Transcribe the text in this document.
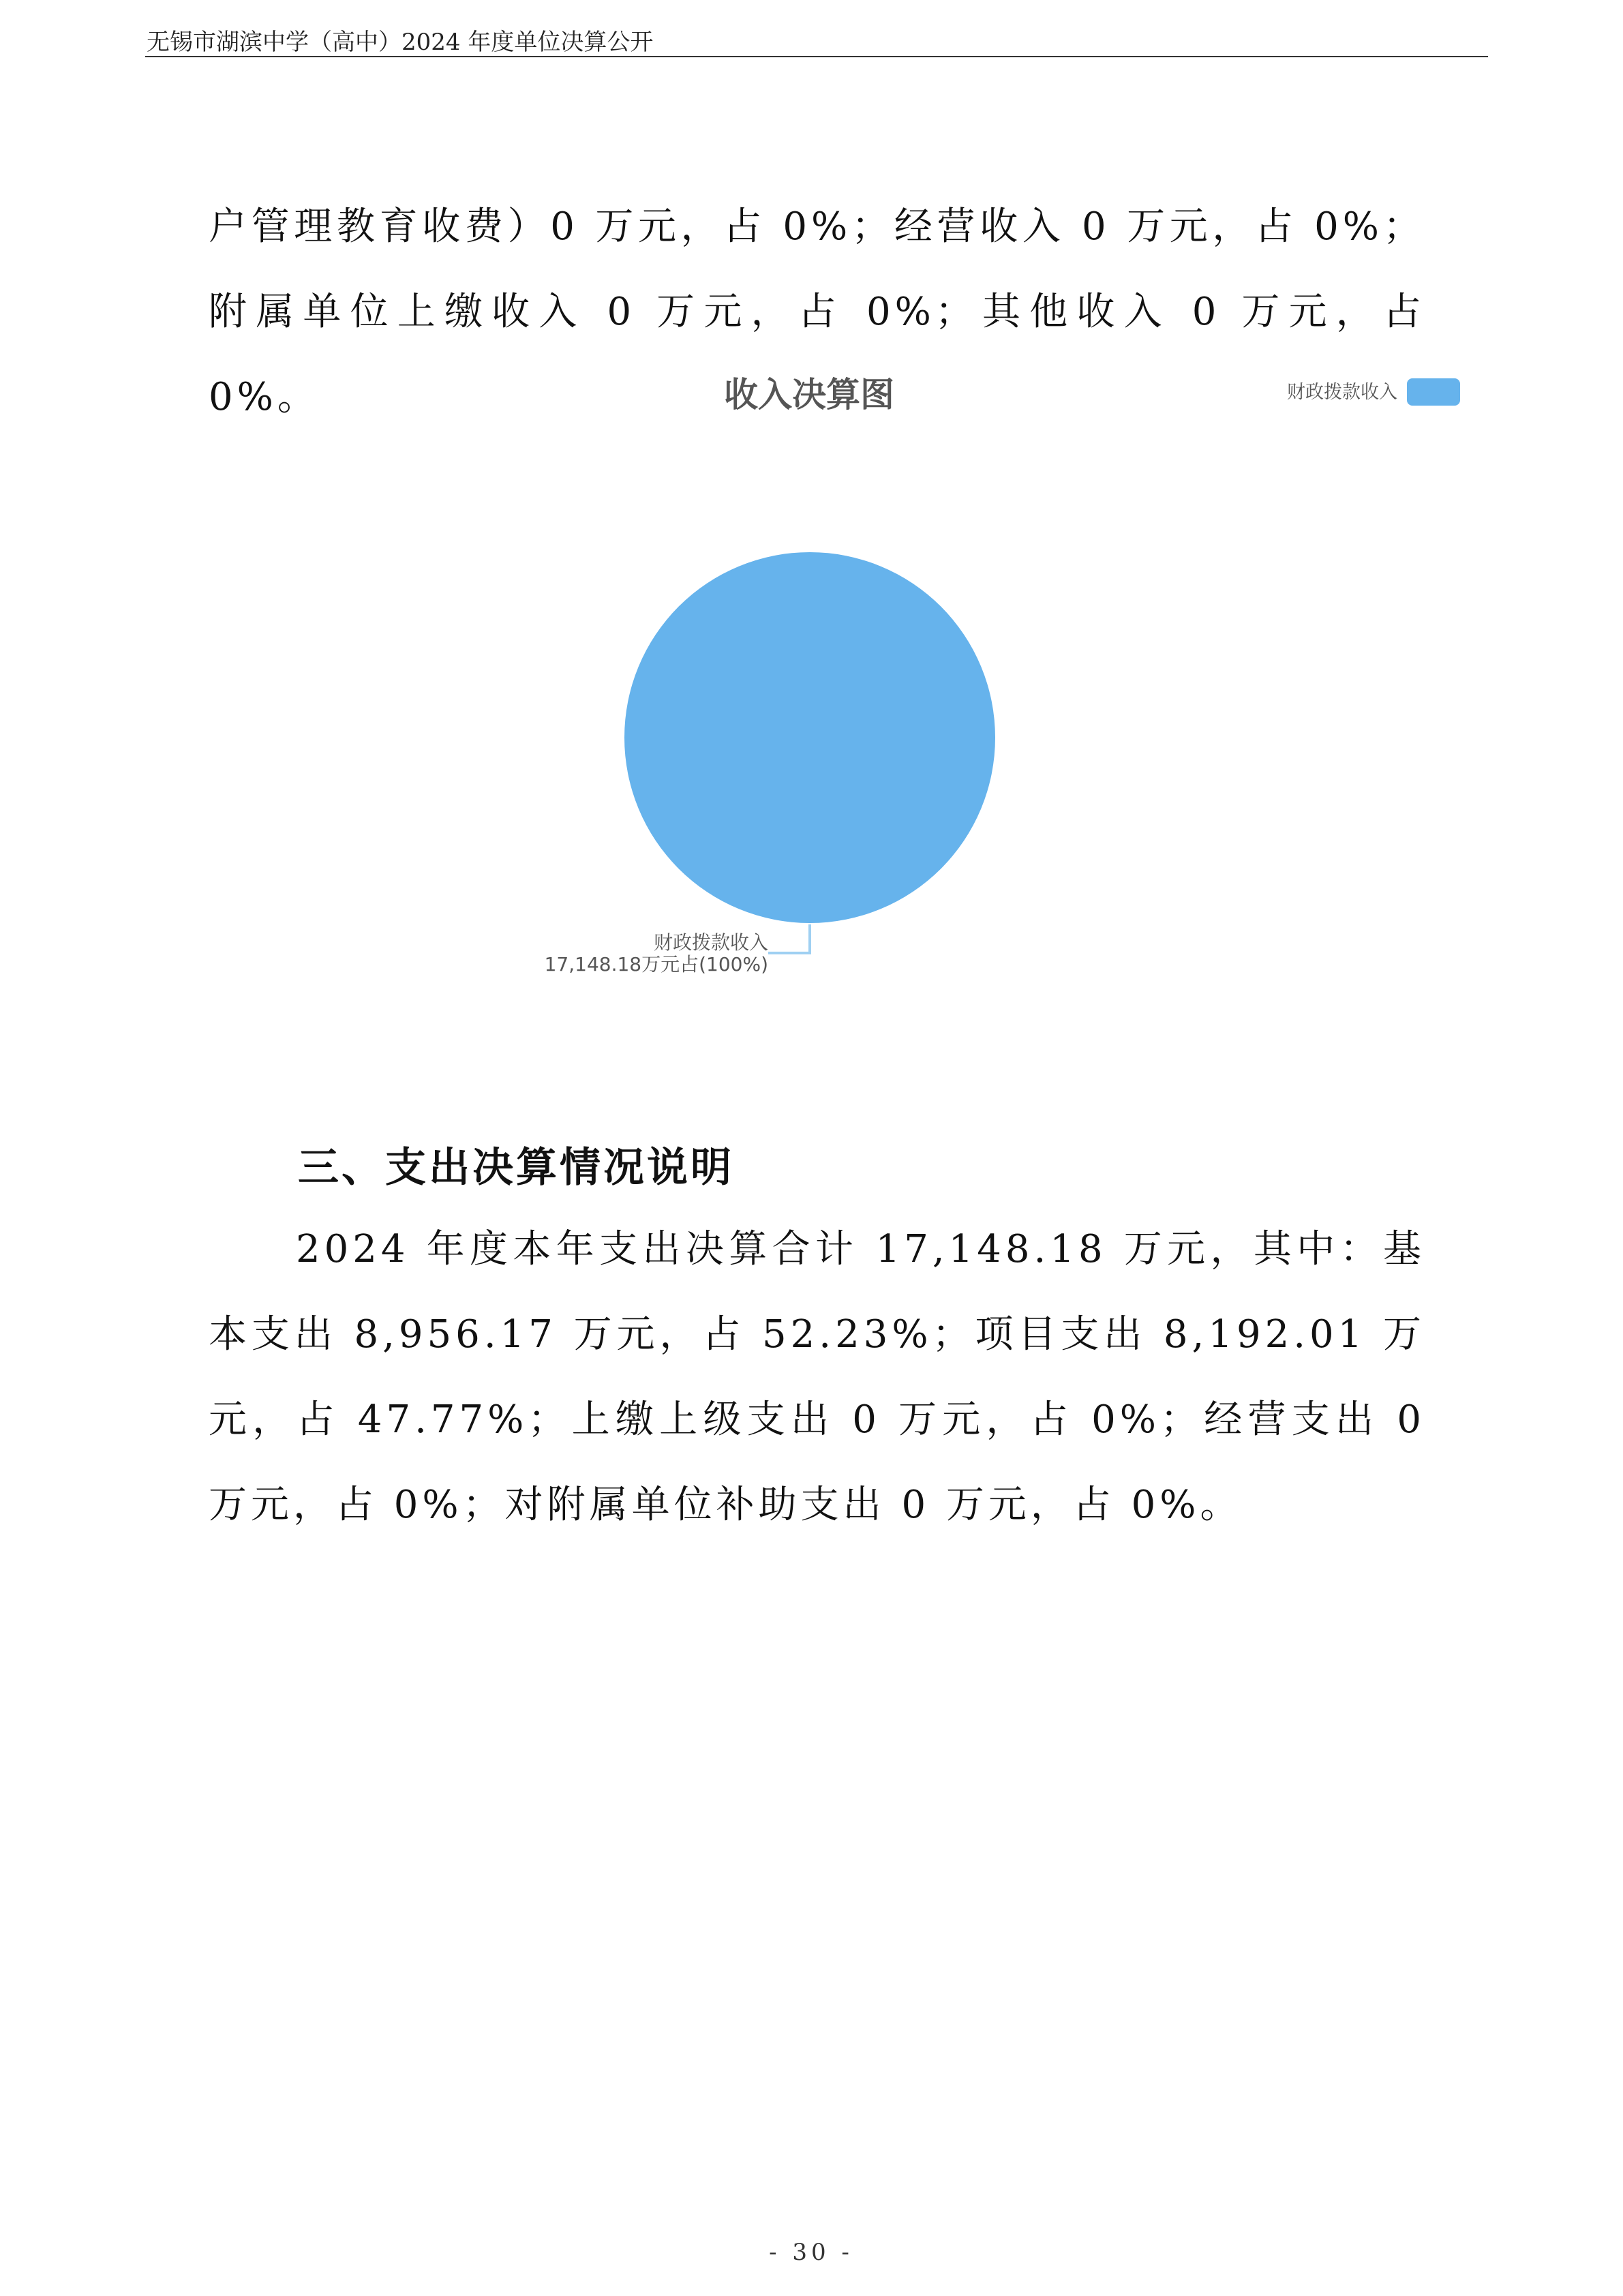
无锡市湖滨中学（高中）2024 年度单位决算公开

户管理教育收费）0 万元，占 0%；经营收入 0 万元，占 0%；附属单位上缴收入 0 万元，占 0%；其他收入 0 万元，占 0%。	收入决算图	财政拨款收入
财政拨款收入
17,148.18万元占(100%)
三、支出决算情况说明

2024 年度本年支出决算合计 17,148.18 万元，其中：基本支出 8,956.17 万元，占 52.23%；项目支出 8,192.01 万元，占 47.77%；上缴上级支出 0 万元，占 0%；经营支出 0 万元，占 0%；对附属单位补助支出 0 万元，占 0%。

- 30 -
